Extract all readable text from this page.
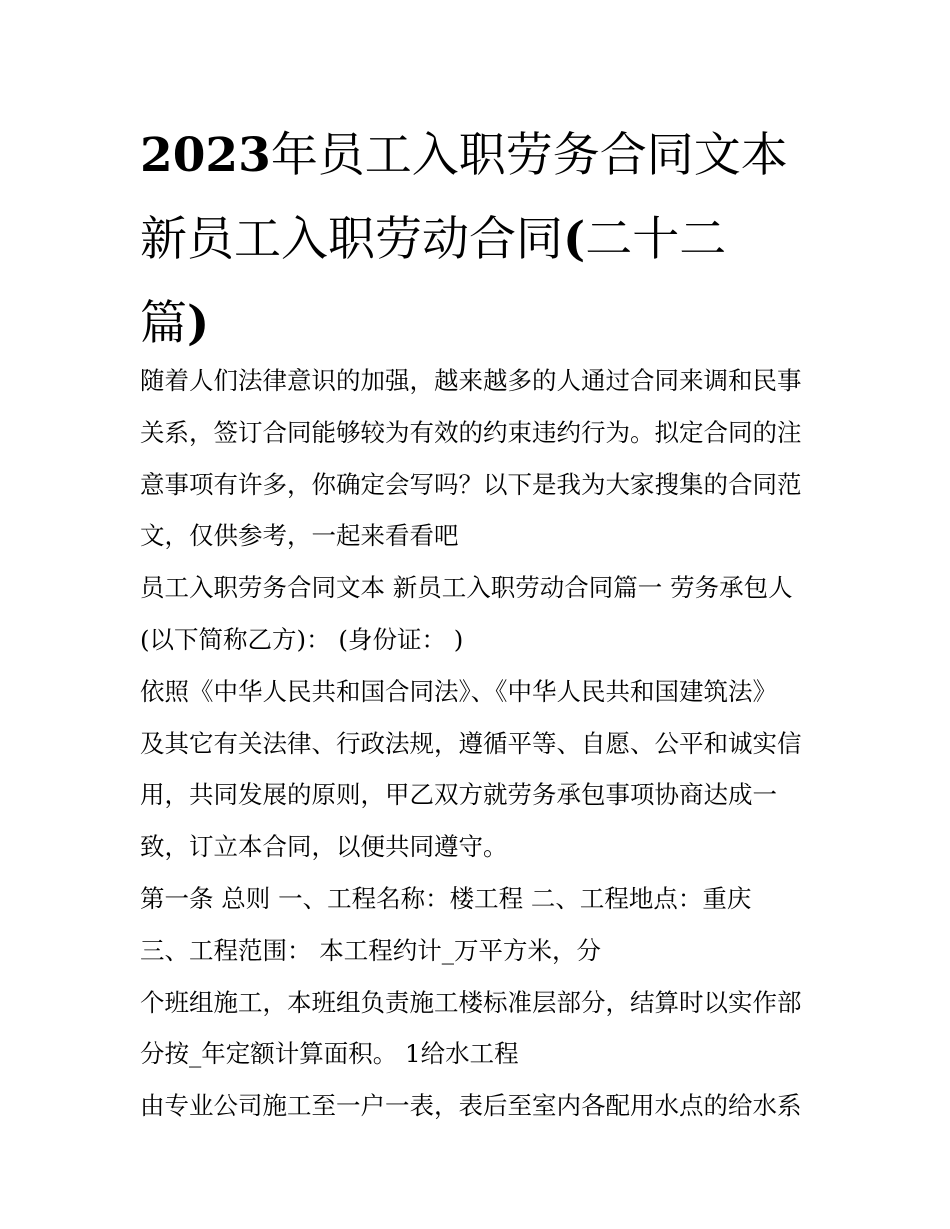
2023年员工入职劳务合同文本
新员工入职劳动合同(二十二
篇)
随着人们法律意识的加强，越来越多的人通过合同来调和民事
关系，签订合同能够较为有效的约束违约行为。拟定合同的注
意事项有许多，你确定会写吗？以下是我为大家搜集的合同范
文，仅供参考，一起来看看吧
员工入职劳务合同文本 新员工入职劳动合同篇一 劳务承包人
(以下简称乙方)： (身份证： )
依照《中华人民共和国合同法》、《中华人民共和国建筑法》
及其它有关法律、行政法规，遵循平等、自愿、公平和诚实信
用，共同发展的原则，甲乙双方就劳务承包事项协商达成一
致，订立本合同，以便共同遵守。
第一条 总则 一、工程名称：楼工程 二、工程地点：重庆
三、工程范围： 本工程约计_万平方米，分
个班组施工，本班组负责施工楼标准层部分，结算时以实作部
分按_年定额计算面积。 1给水工程
由专业公司施工至一户一表，表后至室内各配用水点的给水系
